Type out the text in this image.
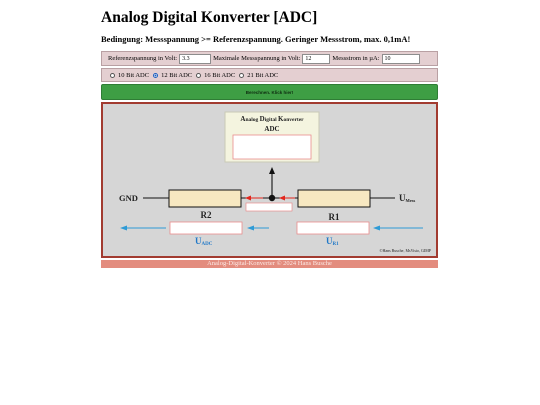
Analog Digital Konverter [ADC]
Bedingung: Messspannung >= Referenzspannung. Geringer Messstrom, max. 0,1mA!
Referenzspannung in Volt: 3.3	Maximale Messspannung in Volt: 12	Messstrom in µA: 10
10 Bit ADC 12 Bit ADC 16 Bit ADC 21 Bit ADC
Berechnen. Klick hier!
Analog Digital Konverter
ADC
GND	UMess
R2	R1
UADC	UR1
©Hans Busche, MsVisio, GIMP
Analog-Digital-Konverter © 2024 Hans Busche
